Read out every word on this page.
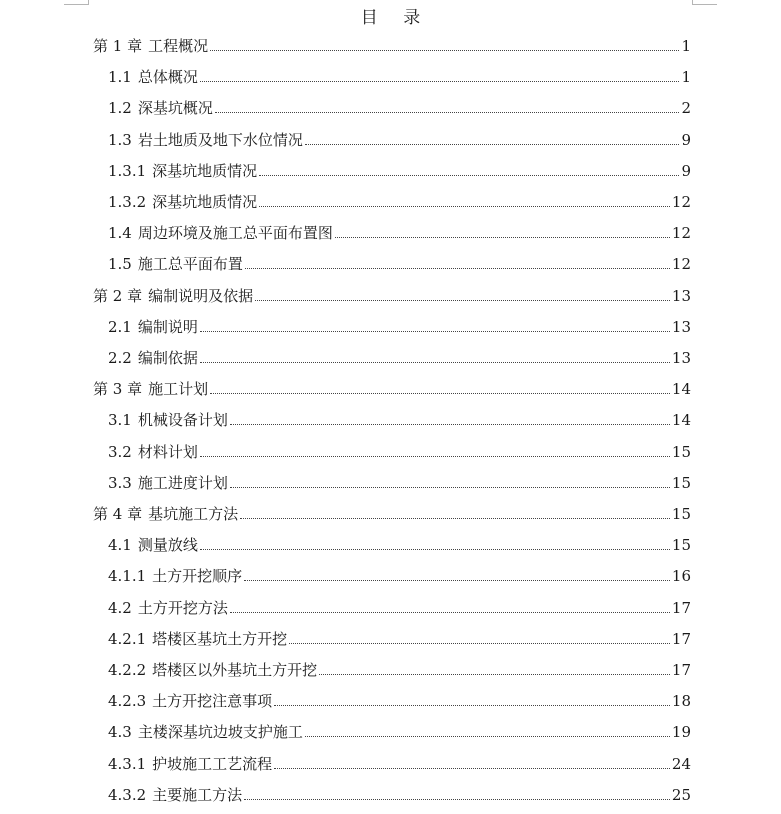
目 录
第 1 章 工程概况	1
1.1 总体概况	1
1.2 深基坑概况	2
1.3 岩土地质及地下水位情况	9
1.3.1 深基坑地质情况	9
1.3.2 深基坑地质情况	12
1.4 周边环境及施工总平面布置图	12
1.5 施工总平面布置	12
第 2 章 编制说明及依据	13
2.1 编制说明	13
2.2 编制依据	13
第 3 章 施工计划	14
3.1 机械设备计划	14
3.2 材料计划	15
3.3 施工进度计划	15
第 4 章 基坑施工方法	15
4.1 测量放线	15
4.1.1 土方开挖顺序	16
4.2 土方开挖方法	17
4.2.1 塔楼区基坑土方开挖	17
4.2.2 塔楼区以外基坑土方开挖	17
4.2.3 土方开挖注意事项	18
4.3 主楼深基坑边坡支护施工	19
4.3.1 护坡施工工艺流程	24
4.3.2 主要施工方法	25
